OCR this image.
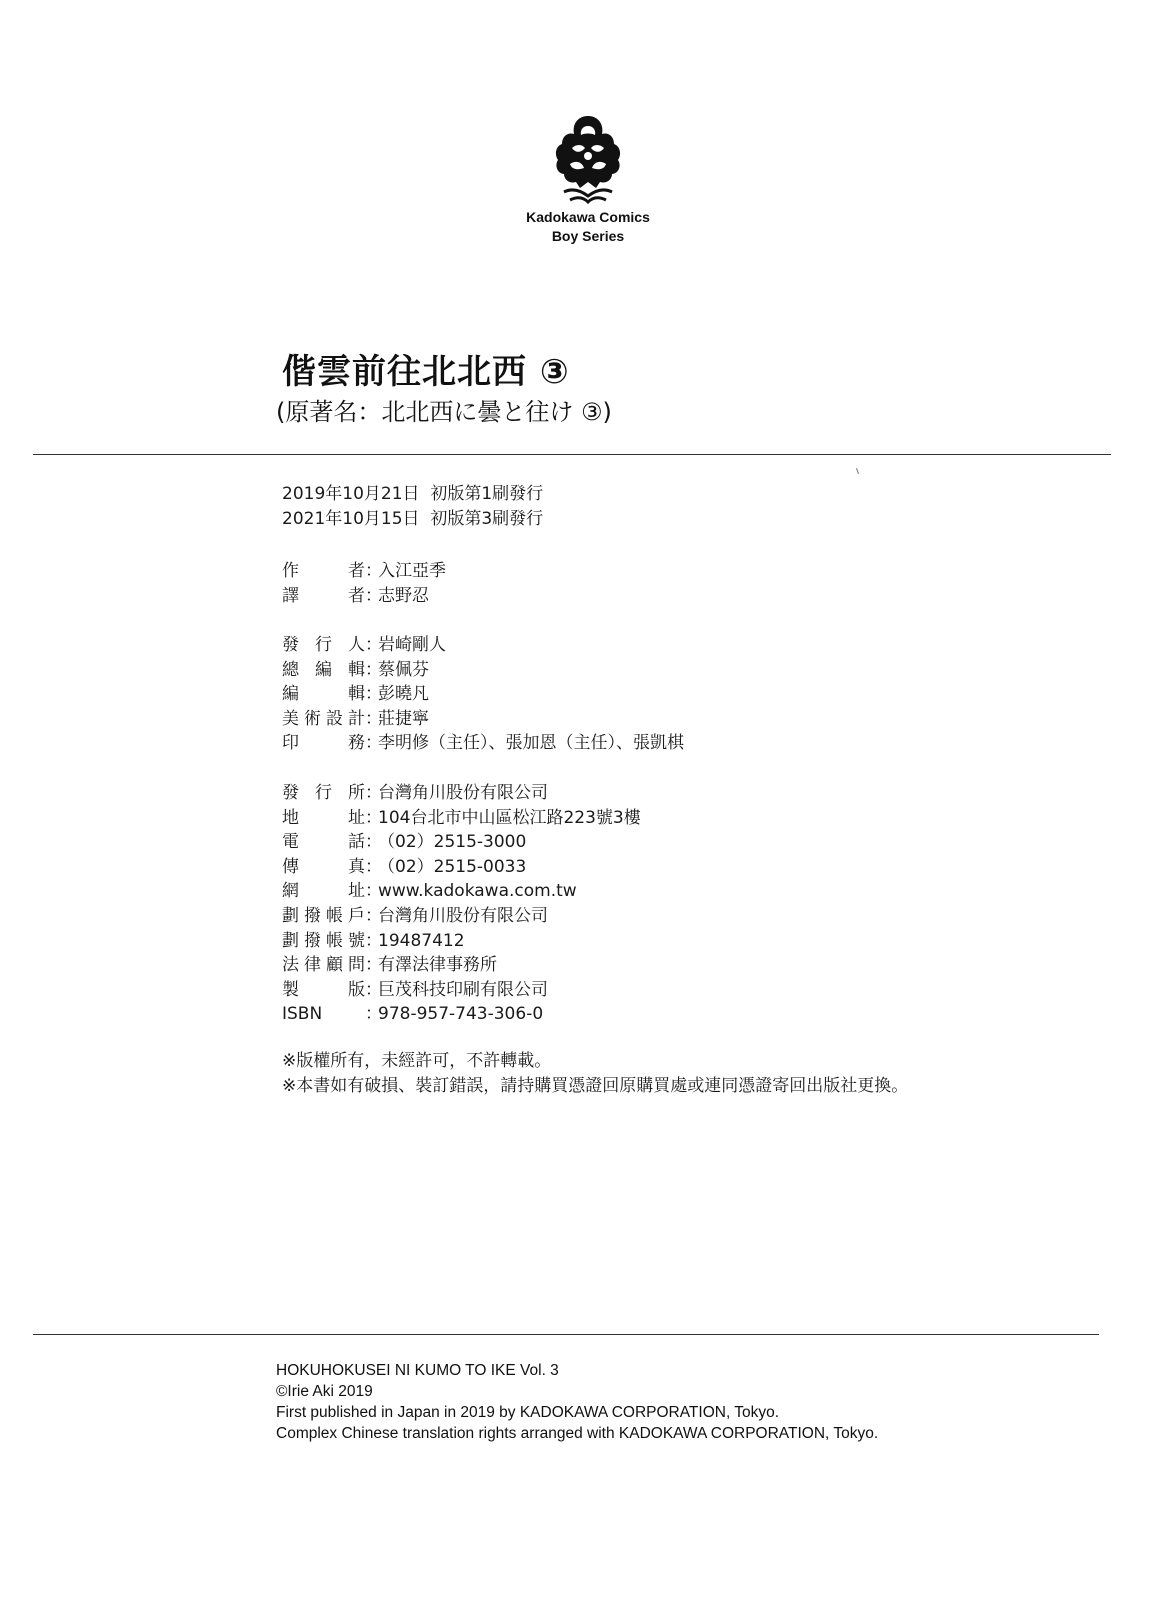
Kadokawa Comics
Boy Series
偕雲前往北北西 ③
(原著名：北北西に曇と往け ③)
2019年10月21日  初版第1刷發行
2021年10月15日  初版第3刷發行
作者 ：
入江亞季
譯者 ：
志野忍
發行人 ：
岩崎剛人
總編輯 ：
蔡佩芬
編輯 ：
彭曉凡
美術設計 ：
莊捷寧
印務 ：
李明修（主任）、張加恩（主任）、張凱棋
發行所 ：
台灣角川股份有限公司
地址 ：
104台北市中山區松江路223號3樓
電話 ：
（02）2515-3000
傳真 ：
（02）2515-0033
網址 ：
www.kadokawa.com.tw
劃撥帳戶 ：
台灣角川股份有限公司
劃撥帳號 ：
19487412
法律顧問 ：
有澤法律事務所
製版 ：
巨茂科技印刷有限公司
ISBN	：
978-957-743-306-0
※版權所有，未經許可，不許轉載。
※本書如有破損、裝訂錯誤，請持購買憑證回原購買處或連同憑證寄回出版社更換。
HOKUHOKUSEI NI KUMO TO IKE Vol. 3
©Irie Aki 2019
First published in Japan in 2019 by KADOKAWA CORPORATION, Tokyo.
Complex Chinese translation rights arranged with KADOKAWA CORPORATION, Tokyo.
